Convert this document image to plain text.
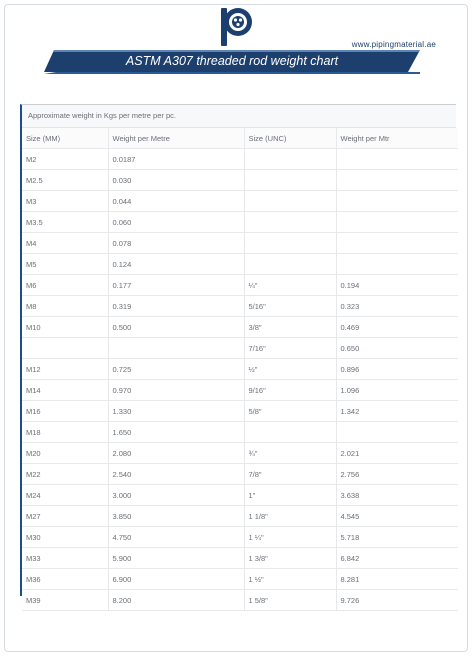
www.pipingmaterial.ae
ASTM A307 threaded rod weight chart
Approximate weight in Kgs per metre per pc.
Size (MM)	Weight per Metre	Size (UNC)	Weight per Mtr
M2	0.0187		
M2.5	0.030		
M3	0.044		
M3.5	0.060		
M4	0.078		
M5	0.124		
M6	0.177	¼"	0.194
M8	0.319	5/16"	0.323
M10	0.500	3/8"	0.469
		7/16"	0.650
M12	0.725	½"	0.896
M14	0.970	9/16"	1.096
M16	1.330	5/8"	1.342
M18	1.650		
M20	2.080	¾"	2.021
M22	2.540	7/8"	2.756
M24	3.000	1"	3.638
M27	3.850	1 1/8"	4.545
M30	4.750	1 ¼"	5.718
M33	5.900	1 3/8"	6.842
M36	6.900	1 ½"	8.281
M39	8.200	1 5/8"	9.726
